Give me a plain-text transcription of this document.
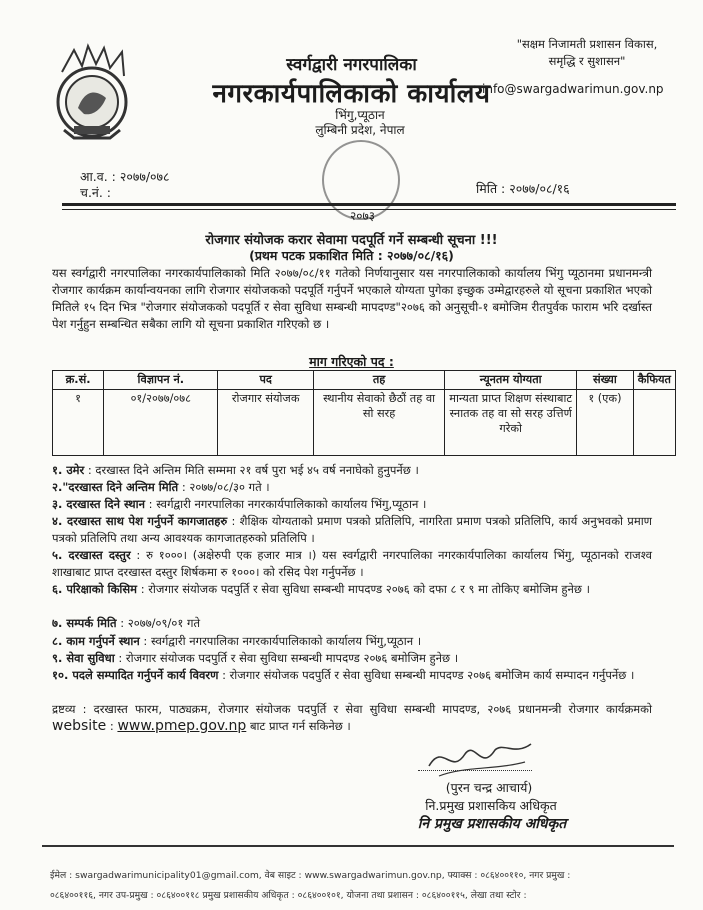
स्वर्गद्वारी नगरपालिका
नगरकार्यपालिकाको कार्यालय
भिंगु,प्यूठान
लुम्बिनी प्रदेश, नेपाल
"सक्षम निजामती प्रशासन विकास,
समृद्धि र सुशासन"
info@swargadwarimun.gov.np
आ.व. : २०७७/०७८
च.नं. :	मिति : २०७७/०८/१६
२०७३
रोजगार संयोजक करार सेवामा पदपूर्ति गर्ने सम्बन्धी सूचना !!!
(प्रथम पटक प्रकाशित मिति : २०७७/०८/१६)
यस स्वर्गद्वारी नगरपालिका नगरकार्यपालिकाको मिति २०७७/०८/११ गतेको निर्णयानुसार यस नगरपालिकाको कार्यालय भिंगु प्यूठानमा प्रधानमन्त्री रोजगार कार्यक्रम कार्यान्वयनका लागि रोजगार संयोजकको पदपूर्ति गर्नुपर्ने भएकाले योग्यता पुगेका इच्छुक उम्मेद्वारहरुले यो सूचना प्रकाशित भएको मितिले १५ दिन भित्र "रोजगार संयोजकको पदपूर्ति र सेवा सुविधा सम्बन्धी मापदण्ड"२०७६ को अनुसूची-१ बमोजिम रीतपुर्वक फाराम भरि दर्खास्त पेश गर्नुहुन सम्बन्धित सबैका लागि यो सूचना प्रकाशित गरिएको छ ।
माग गरिएको पद :
क्र.सं.	विज्ञापन नं.	पद	तह	न्यूनतम योग्यता	संख्या	कैफियत
१	०१/२०७७/०७८	रोजगार संयोजक	स्थानीय सेवाको छैठौं तह वा सो सरह	मान्यता प्राप्त शिक्षण संस्थाबाट स्नातक तह वा सो सरह उत्तिर्ण गरेको	१ (एक)	
१. उमेर : दरखास्त दिने अन्तिम मिति सम्ममा २१ वर्ष पुरा भई ४५ वर्ष ननाघेको हुनुपर्नेछ ।
२."दरखास्त दिने अन्तिम मिति : २०७७/०८/३० गते ।
३. दरखास्त दिने स्थान : स्वर्गद्वारी नगरपालिका नगरकार्यपालिकाको कार्यालय भिंगु,प्यूठान ।
४. दरखास्त साथ पेश गर्नुपर्ने कागजातहरु : शैक्षिक योग्यताको प्रमाण पत्रको प्रतिलिपि, नागरिता प्रमाण पत्रको प्रतिलिपि, कार्य अनुभवको प्रमाण पत्रको प्रतिलिपि तथा अन्य आवश्यक कागजातहरुको प्रतिलिपि ।
५. दरखास्त दस्तुर : रु १०००। (अक्षेरुपी एक हजार मात्र ।) यस स्वर्गद्वारी नगरपालिका नगरकार्यपालिका कार्यालय भिंगु, प्यूठानको राजश्व शाखाबाट प्राप्त दरखास्त दस्तुर शिर्षकमा रु १०००। को रसिद पेश गर्नुपर्नेछ ।
६. परिक्षाको किसिम : रोजगार संयोजक पदपुर्ति र सेवा सुविधा सम्बन्धी मापदण्ड २०७६ को दफा ८ र ९ मा तोकिए बमोजिम हुनेछ ।
७. सम्पर्क मिति : २०७७/०९/०१ गते
८. काम गर्नुपर्ने स्थान : स्वर्गद्वारी नगरपालिका नगरकार्यपालिकाको कार्यालय भिंगु,प्यूठान ।
९. सेवा सुविधा : रोजगार संयोजक पदपुर्ति र सेवा सुविधा सम्बन्धी मापदण्ड २०७६ बमोजिम हुनेछ ।
१०. पदले सम्पादित गर्नुपर्ने कार्य विवरण : रोजगार संयोजक पदपुर्ति र सेवा सुविधा सम्बन्धी मापदण्ड २०७६ बमोजिम कार्य सम्पादन गर्नुपर्नेछ ।
द्रष्टव्य : दरखास्त फारम, पाठ्यक्रम, रोजगार संयोजक पदपुर्ति र सेवा सुविधा सम्बन्धी मापदण्ड, २०७६ प्रधानमन्त्री रोजगार कार्यक्रमको website : www.pmep.gov.np बाट प्राप्त गर्न सकिनेछ ।
(पुरन चन्द्र आचार्य)
नि.प्रमुख प्रशासकिय अधिकृत
नि प्रमुख प्रशासकीय अधिकृत
ईमेल : swargadwarimunicipality01@gmail.com, वेब साइट : www.swargadwarimun.gov.np, फ्याक्स : ०८६४००११०, नगर प्रमुख :
०८६४००११६, नगर उप-प्रमुख : ०८६४००११८ प्रमुख प्रशासकीय अधिकृत : ०८६४००१०१, योजना तथा प्रशासन : ०८६४००११५, लेखा तथा स्टोर :
